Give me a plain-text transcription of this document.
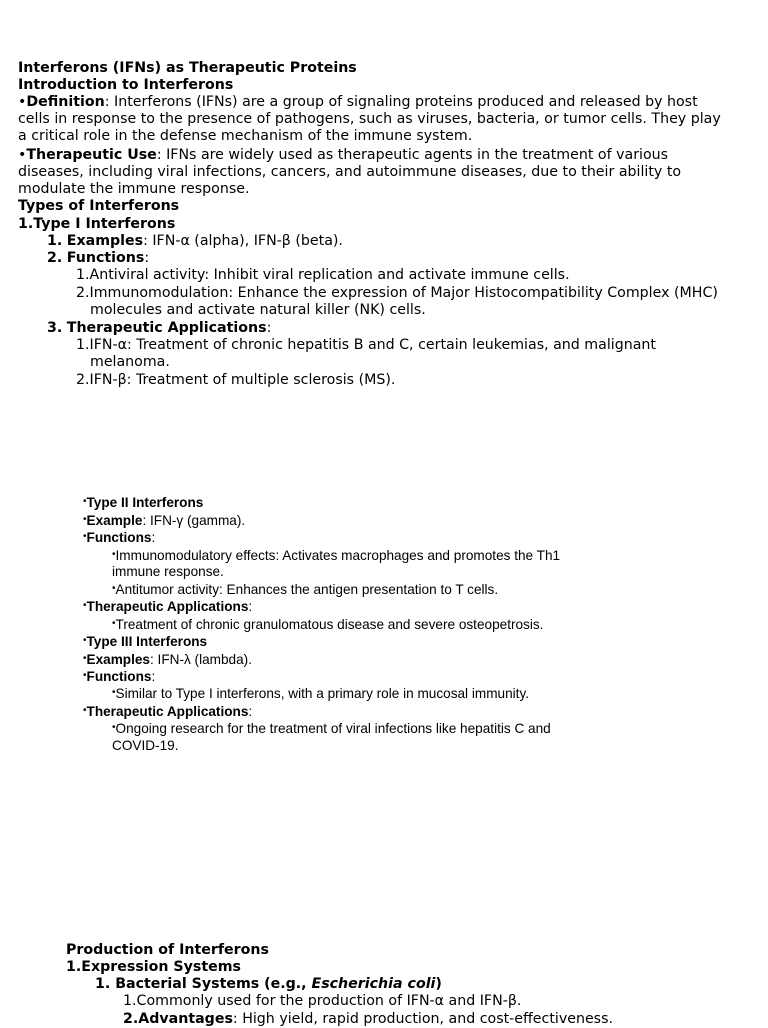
Interferons (IFNs) as Therapeutic Proteins
Introduction to Interferons
•Definition: Interferons (IFNs) are a group of signaling proteins produced and released by host
cells in response to the presence of pathogens, such as viruses, bacteria, or tumor cells. They play
a critical role in the defense mechanism of the immune system.
•Therapeutic Use: IFNs are widely used as therapeutic agents in the treatment of various
diseases, including viral infections, cancers, and autoimmune diseases, due to their ability to
modulate the immune response.
Types of Interferons
1.Type I Interferons
1. Examples: IFN-α (alpha), IFN-β (beta).
2. Functions:
1.Antiviral activity: Inhibit viral replication and activate immune cells.
2.Immunomodulation: Enhance the expression of Major Histocompatibility Complex (MHC)
molecules and activate natural killer (NK) cells.
3. Therapeutic Applications:
1.IFN-α: Treatment of chronic hepatitis B and C, certain leukemias, and malignant
melanoma.
2.IFN-β: Treatment of multiple sclerosis (MS).
•Type II Interferons
•Example: IFN-γ (gamma).
•Functions:
•Immunomodulatory effects: Activates macrophages and promotes the Th1
immune response.
•Antitumor activity: Enhances the antigen presentation to T cells.
•Therapeutic Applications:
•Treatment of chronic granulomatous disease and severe osteopetrosis.
•Type III Interferons
•Examples: IFN-λ (lambda).
•Functions:
•Similar to Type I interferons, with a primary role in mucosal immunity.
•Therapeutic Applications:
•Ongoing research for the treatment of viral infections like hepatitis C and
COVID-19.
Production of Interferons
1.Expression Systems
1. Bacterial Systems (e.g., Escherichia coli)
1.Commonly used for the production of IFN-α and IFN-β.
2.Advantages: High yield, rapid production, and cost-effectiveness.
